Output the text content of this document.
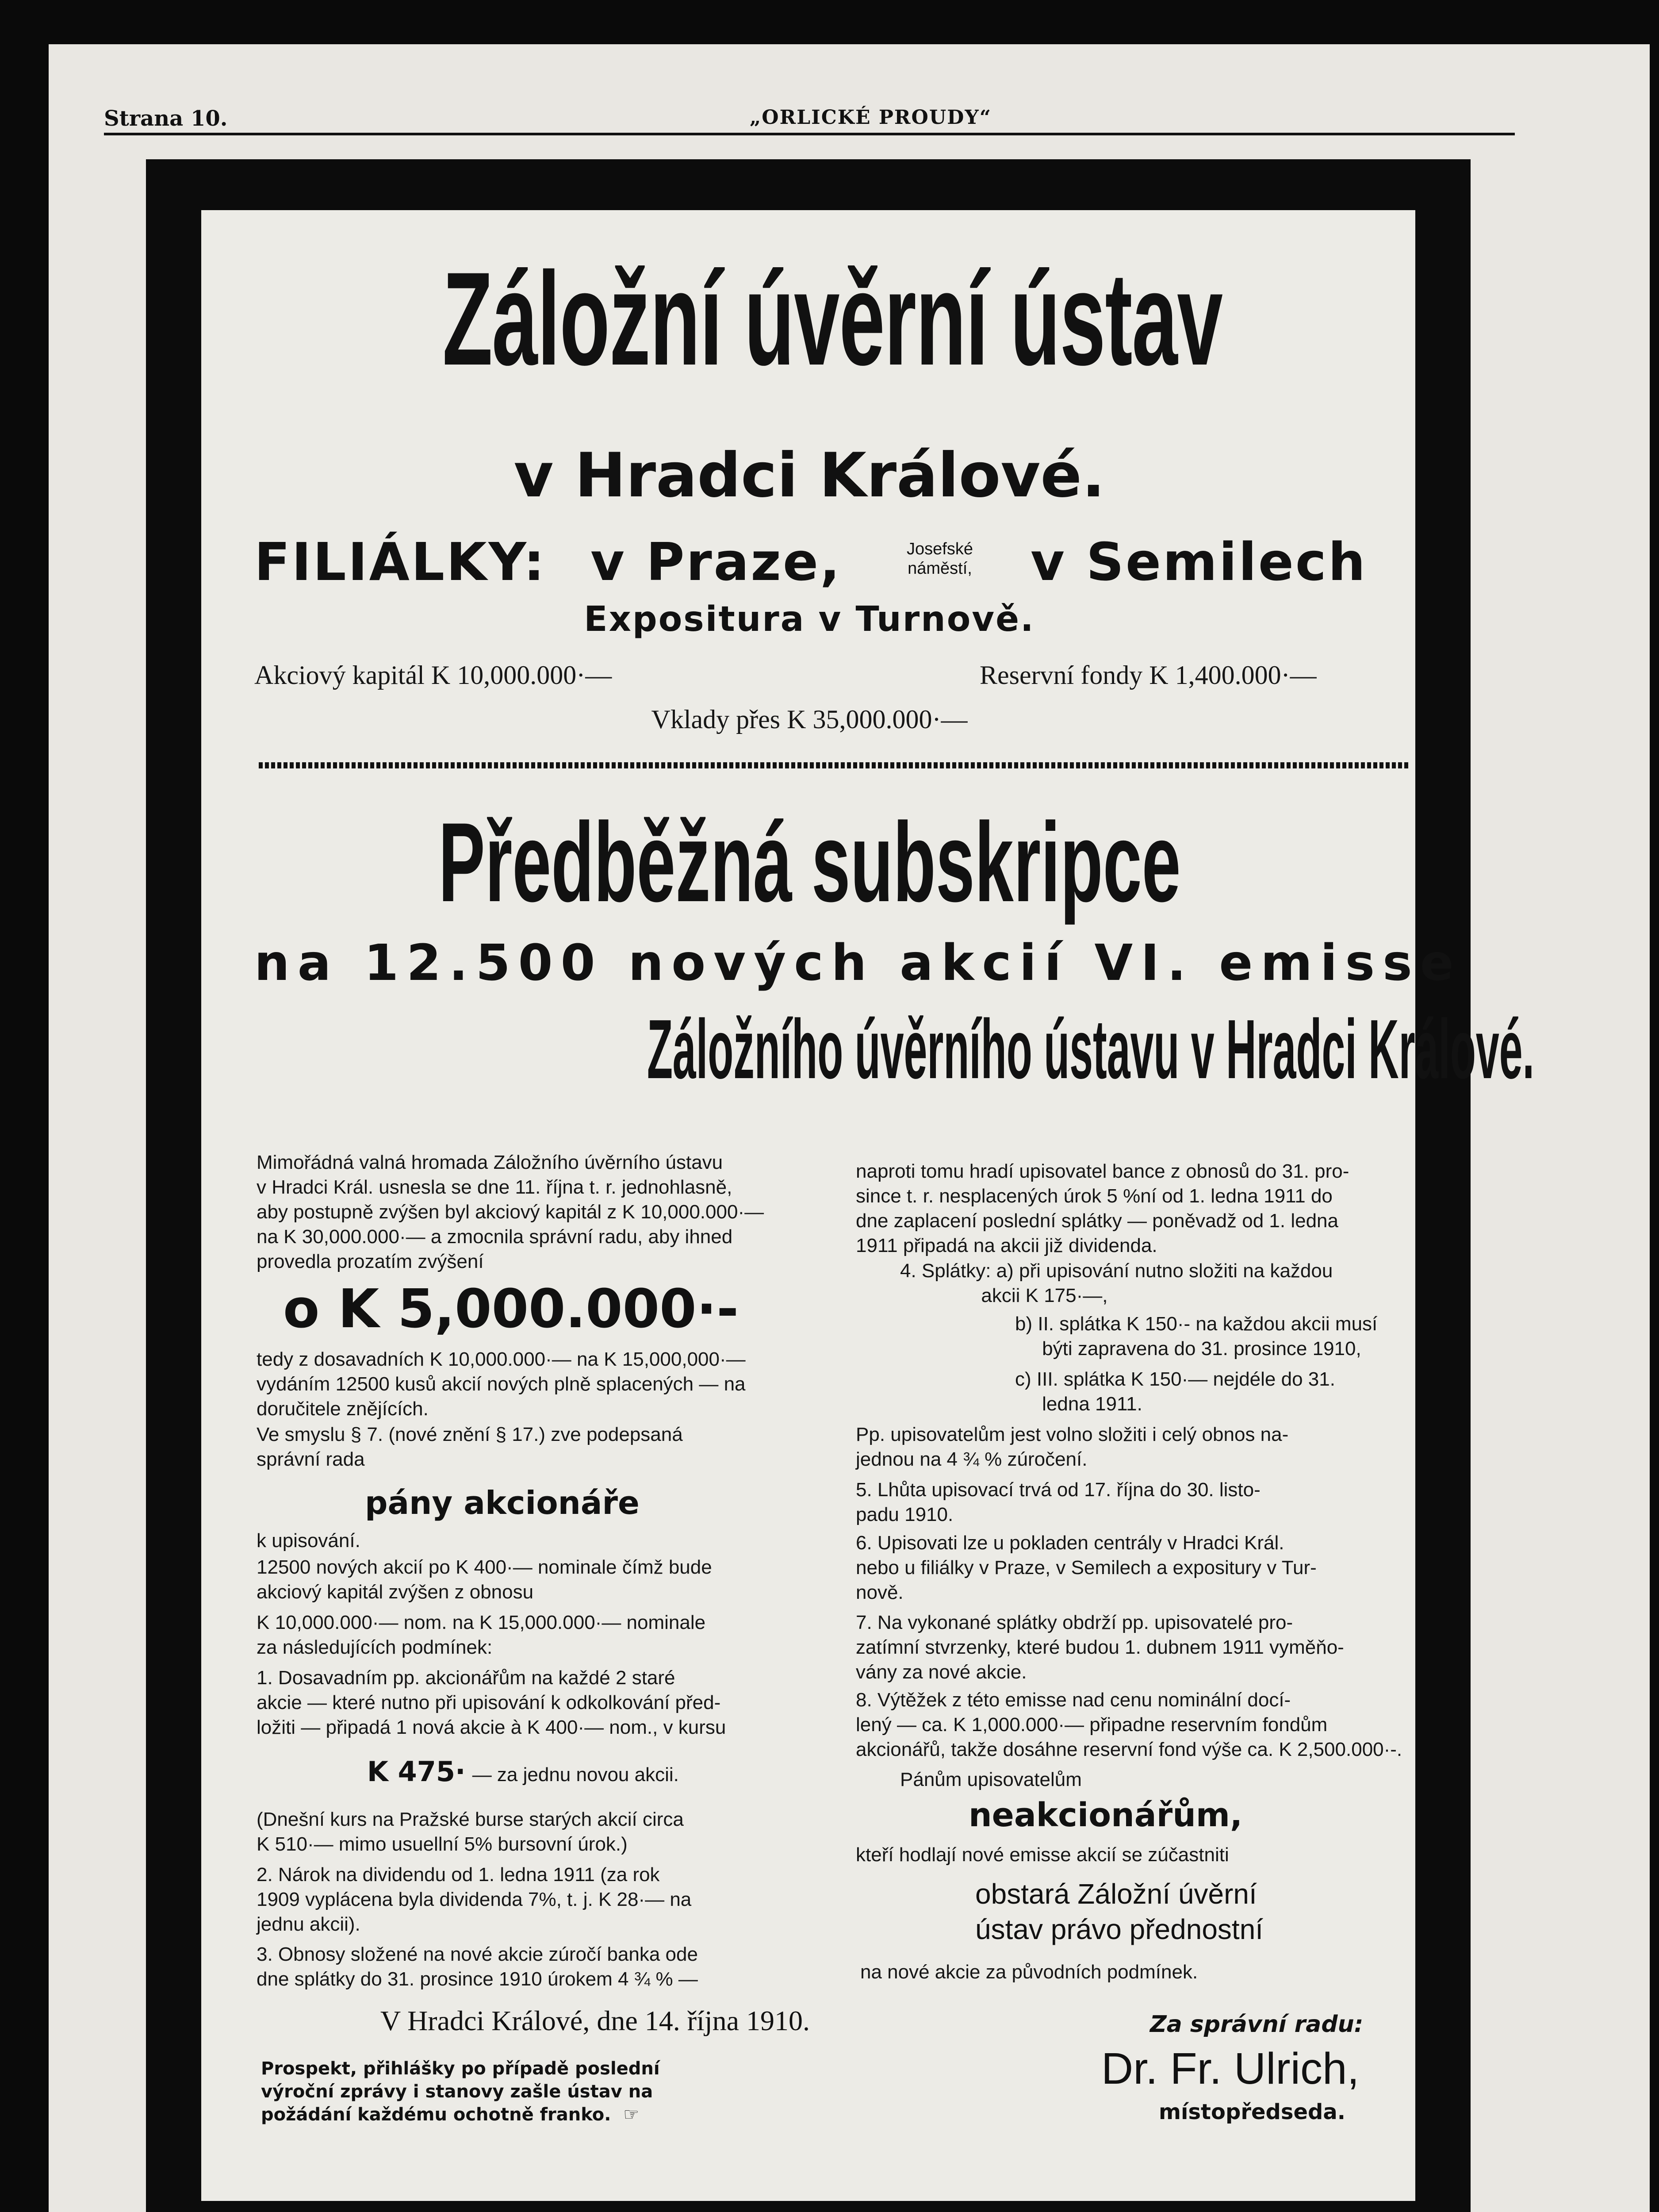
Strana 10.	„ORLICKÉ PROUDY“
Záložní úvěrní ústav
v Hradci Králové.
FILIÁLKY: v Praze,	Josefské
náměstí, v Semilech
Expositura v Turnově.
Akciový kapitál K 10,000.000·—	Reservní fondy K 1,400.000·—
Vklady přes K 35,000.000·—
Předběžná subskripce
na 12.500 nových akcií VI. emisse
Záložního úvěrního ústavu v Hradci Králové.
Mimořádná valná hromada Záložního úvěrního ústavu
v Hradci Král. usnesla se dne 11. října t. r. jednohlasně,
aby postupně zvýšen byl akciový kapitál z K 10,000.000·—
na K 30,000.000·— a zmocnila správní radu, aby ihned
provedla prozatím zvýšení
o K 5,000.000·-
tedy z dosavadních K 10,000.000·— na K 15,000,000·—
vydáním 12500 kusů akcií nových plně splacených — na
doručitele znějících.
Ve smyslu § 7. (nové znění § 17.) zve podepsaná
správní rada
pány akcionáře
k upisování.
12500 nových akcií po K 400·— nominale čímž bude
akciový kapitál zvýšen z obnosu
K 10,000.000·— nom. na K 15,000.000·— nominale
za následujících podmínek:
1. Dosavadním pp. akcionářům na každé 2 staré
akcie — které nutno při upisování k odkolkování před-
ložiti — připadá 1 nová akcie à K 400·— nom., v kursu
K 475· — za jednu novou akcii.
(Dnešní kurs na Pražské burse starých akcií circa
K 510·— mimo usuellní 5% bursovní úrok.)
2. Nárok na dividendu od 1. ledna 1911 (za rok
1909 vyplácena byla dividenda 7%, t. j. K 28·— na
jednu akcii).
3. Obnosy složené na nové akcie zúročí banka ode
dne splátky do 31. prosince 1910 úrokem 4 ¾ % —
naproti tomu hradí upisovatel bance z obnosů do 31. pro-
since t. r. nesplacených úrok 5 %ní od 1. ledna 1911 do
dne zaplacení poslední splátky — poněvadž od 1. ledna
1911 připadá na akcii již dividenda.
4. Splátky: a) při upisování nutno složiti na každou
akcii K 175·—,
b) II. splátka K 150·- na každou akcii musí
býti zapravena do 31. prosince 1910,
c) III. splátka K 150·— nejdéle do 31.
ledna 1911.
Pp. upisovatelům jest volno složiti i celý obnos na-
jednou na 4 ¾ % zúročení.
5. Lhůta upisovací trvá od 17. října do 30. listo-
padu 1910.
6. Upisovati lze u pokladen centrály v Hradci Král.
nebo u filiálky v Praze, v Semilech a expositury v Tur-
nově.
7. Na vykonané splátky obdrží pp. upisovatelé pro-
zatímní stvrzenky, které budou 1. dubnem 1911 vyměňo-
vány za nové akcie.
8. Výtěžek z této emisse nad cenu nominální docí-
lený — ca. K 1,000.000·— připadne reservním fondům
akcionářů, takže dosáhne reservní fond výše ca. K 2,500.000·-.
Pánům upisovatelům
neakcionářům,
kteří hodlají nové emisse akcií se zúčastniti
obstará Záložní úvěrní
ústav právo přednostní
na nové akcie za původních podmínek.
V Hradci Králové, dne 14. října 1910.
Prospekt, přihlášky po případě poslední
výroční zprávy i stanovy zašle ústav na
požádání každému ochotně franko.  ☞
Za správní radu:
Dr. Fr. Ulrich,
místopředseda.
